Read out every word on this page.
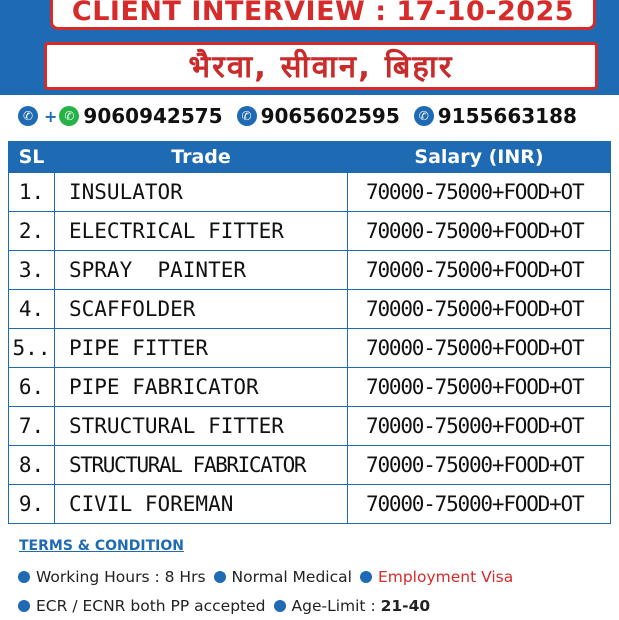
CLIENT INTERVIEW : 17-10-2025
भैरवा, सीवान, बिहार
✆ + ✆ 9060942575	✆ 9065602595	✆ 9155663188
SL	Trade	Salary (INR)
1.	INSULATOR	70000-75000+FOOD+OT
2.	ELECTRICAL FITTER	70000-75000+FOOD+OT
3.	SPRAY  PAINTER	70000-75000+FOOD+OT
4.	SCAFFOLDER	70000-75000+FOOD+OT
5..	PIPE FITTER	70000-75000+FOOD+OT
6.	PIPE FABRICATOR	70000-75000+FOOD+OT
7.	STRUCTURAL FITTER	70000-75000+FOOD+OT
8.	STRUCTURAL FABRICATOR	70000-75000+FOOD+OT
9.	CIVIL FOREMAN	70000-75000+FOOD+OT
TERMS & CONDITION
Working Hours : 8 Hrs Normal Medical Employment Visa
ECR / ECNR both PP accepted Age-Limit : 21-40
